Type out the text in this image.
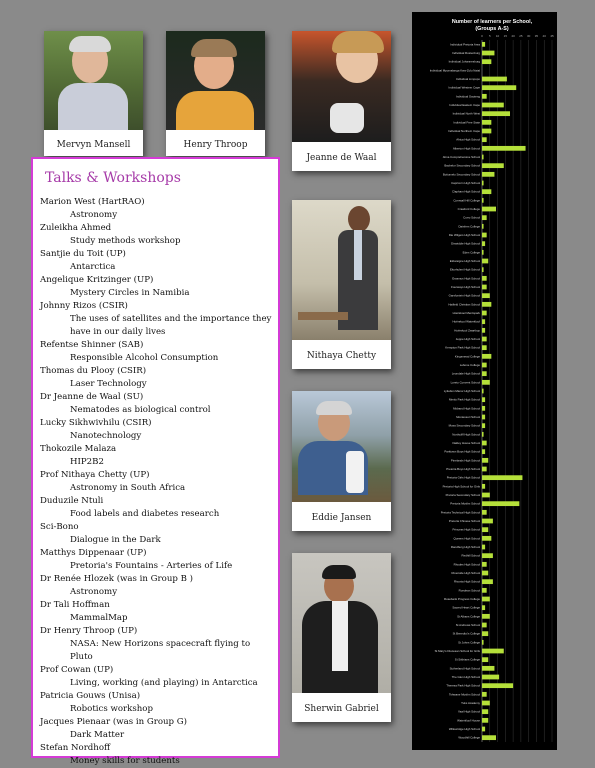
Mervyn Mansell	Henry Throop
Jeanne de Waal
Nithaya Chetty
Eddie Jansen
Sherwin Gabriel
Talks & Workshops
Marion West (HartRAO)
Astronomy
Zuleikha Ahmed
Study methods workshop
Santjie du Toit (UP)
Antarctica
Angelique Kritzinger (UP)
Mystery Circles in Namibia
Johnny Rizos (CSIR)
The uses of satellites and the importance they have in our daily lives
Refentse Shinner (SAB)
Responsible Alcohol Consumption
Thomas du Plooy (CSIR)
Laser Technology
Dr Jeanne de Waal (SU)
Nematodes as biological control
Lucky Sikhwivhilu (CSIR)
Nanotechnology
Thokozile Malaza
HIP2B2
Prof Nithaya Chetty (UP)
Astronomy in South Africa
Duduzile Ntuli
Food labels and diabetes research
Sci-Bono
Dialogue in the Dark
Matthys Dippenaar (UP)
Pretoria's Fountains - Arteries of Life
Dr Renée Hlozek (was in Group B )
Astronomy
Dr Tali Hoffman
MammalMap
Dr Henry Throop (UP)
NASA: New Horizons spacecraft flying to Pluto
Prof Cowan (UP)
Living, working (and playing) in Antarctica
Patricia Gouws (Unisa)
Robotics workshop
Jacques Pienaar (was in Group G)
Dark Matter
Stefan Nordhoff
Money skills for students
Number of learners per School,
(Groups A-S)
0 5 10 15 20 25 30 35 40 45
Individual Pretoria Area
Individual Rustenburg
Individual Johannesburg
Individual Mpumalanga Kwa-Zulu Natal
Individual Limpopo
Individual Western Cape
Individual Gauteng
Individual Eastern Cape
Individual North West
Individual Free State
Individual Northern Cape
Africa High School
Alberton High School
Alma Comprehensive School
Bachelor Secondary School
Boitumelo Secondary School
Capricorn High School
Clapham High School
Cornwall Hill College
Crawford College
Curro School
Dainfern College
Die Wilgers High School
Dinwiddie High School
Eden College
Eldoraigne High School
Ekurhuleni High School
Erasmus High School
Fourways High School
Garsfontein High School
Hatfield Christian School
Hoërskool Menlopark
Hoërskool Waterkloof
Hoërskool Zwartkop
Jeppe High School
Kempton Park High School
Kingsmead College
Lebone College
Leondale High School
Loreto Convent School
Lyttelton Manor High School
Menlo Park High School
Midrand High School
Montessori School
Mosa Secondary School
Northcliff High School
Oakley House School
Parktown Boys High School
Pinelands High School
Pretoria Boys High School
Pretoria Girls High School
Pretoria High School for Girls
Pretoria Secondary School
Pretoria Muslim School
Pretoria Technical High School
Pretoria Chinese School
Princess High School
Queens High School
Randburg High School
Redhill School
Rhodes High School
Riverside High School
Rivonia High School
Roedean School
Rosebank Progress College
Sacred Heart College
St Albans College
St Andrews School
St Benedict's College
St Johns College
St Mary's Diocesan School for Girls
St Stithians College
Sutherland High School
The Glen High School
Theresa Park High School
Tshwane Muslim School
Tuks Academy
Vaal High School
Waterkloof House
Willowridge High School
Woodhill College
